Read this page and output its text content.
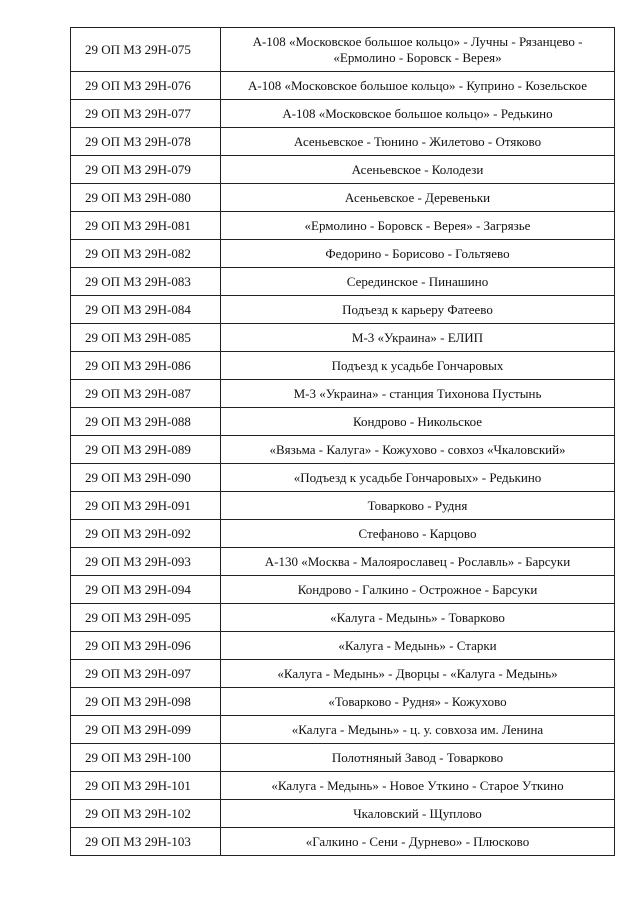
29 ОП МЗ 29Н-075	А-108 «Московское большое кольцо» - Лучны - Рязанцево - «Ермолино - Боровск - Верея»
29 ОП МЗ 29Н-076	А-108 «Московское большое кольцо» - Куприно - Козельское
29 ОП МЗ 29Н-077	А-108 «Московское большое кольцо» - Редькино
29 ОП МЗ 29Н-078	Асеньевское - Тюнино - Жилетово - Отяково
29 ОП МЗ 29Н-079	Асеньевское - Колодези
29 ОП МЗ 29Н-080	Асеньевское - Деревеньки
29 ОП МЗ 29Н-081	«Ермолино - Боровск - Верея» - Загрязье
29 ОП МЗ 29Н-082	Федорино - Борисово - Гольтяево
29 ОП МЗ 29Н-083	Серединское - Пинашино
29 ОП МЗ 29Н-084	Подъезд к карьеру Фатеево
29 ОП МЗ 29Н-085	М-3 «Украина» - ЕЛИП
29 ОП МЗ 29Н-086	Подъезд к усадьбе Гончаровых
29 ОП МЗ 29Н-087	М-3 «Украина» - станция Тихонова Пустынь
29 ОП МЗ 29Н-088	Кондрово - Никольское
29 ОП МЗ 29Н-089	«Вязьма - Калуга» - Кожухово - совхоз «Чкаловский»
29 ОП МЗ 29Н-090	«Подъезд к усадьбе Гончаровых» - Редькино
29 ОП МЗ 29Н-091	Товарково - Рудня
29 ОП МЗ 29Н-092	Стефаново - Карцово
29 ОП МЗ 29Н-093	А-130 «Москва - Малоярославец - Рославль» - Барсуки
29 ОП МЗ 29Н-094	Кондрово - Галкино - Острожное - Барсуки
29 ОП МЗ 29Н-095	«Калуга - Медынь» - Товарково
29 ОП МЗ 29Н-096	«Калуга - Медынь» - Старки
29 ОП МЗ 29Н-097	«Калуга - Медынь» - Дворцы - «Калуга - Медынь»
29 ОП МЗ 29Н-098	«Товарково - Рудня» - Кожухово
29 ОП МЗ 29Н-099	«Калуга - Медынь» - ц. у. совхоза им. Ленина
29 ОП МЗ 29Н-100	Полотняный Завод - Товарково
29 ОП МЗ 29Н-101	«Калуга - Медынь» - Новое Уткино - Старое Уткино
29 ОП МЗ 29Н-102	Чкаловский - Щуплово
29 ОП МЗ 29Н-103	«Галкино - Сени - Дурнево» - Плюсково
